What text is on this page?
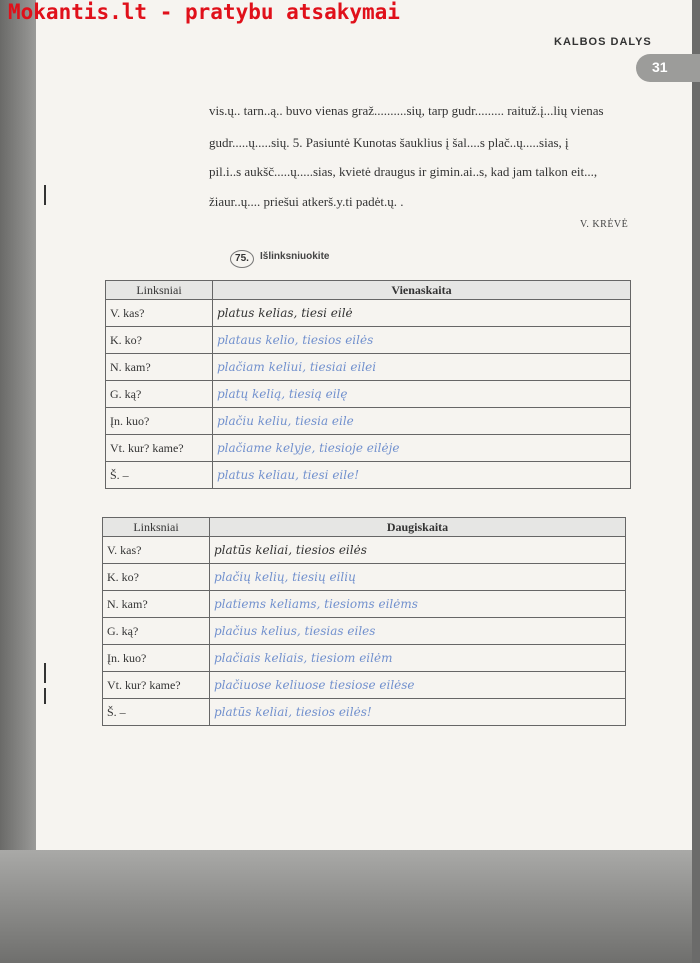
Mokantis.lt - pratybu atsakymai
KALBOS DALYS
31
vis.ų.. tarn..ą.. buvo vienas graž..........sių, tarp gudr......... raituž.į...lių vienas
gudr.....ų.....sių. 5. Pasiuntė Kunotas šauklius į šal....s plač..ų.....sias, į
pil.i..s aukšč.....ų.....sias, kvietė draugus ir gimin.ai..s, kad jam talkon eit...,
žiaur..ų.... priešui atkerš.y.ti padėt.ų. .
V. KRĖVĖ
75.	Išlinksniuokite
Linksniai	Vienaskaita
V. kas?	platus kelias, tiesi eilė
K. ko?	plataus kelio, tiesios eilės
N. kam?	plačiam keliui, tiesiai eilei
G. ką?	platų kelią, tiesią eilę
Įn. kuo?	plačiu keliu, tiesia eile
Vt. kur? kame?	plačiame kelyje, tiesioje eilėje
Š. –	platus keliau, tiesi eile!
Linksniai	Daugiskaita
V. kas?	platūs keliai, tiesios eilės
K. ko?	plačių kelių, tiesių eilių
N. kam?	platiems keliams, tiesioms eilėms
G. ką?	plačius kelius, tiesias eiles
Įn. kuo?	plačiais keliais, tiesiom eilėm
Vt. kur? kame?	plačiuose keliuose tiesiose eilėse
Š. –	platūs keliai, tiesios eilės!
